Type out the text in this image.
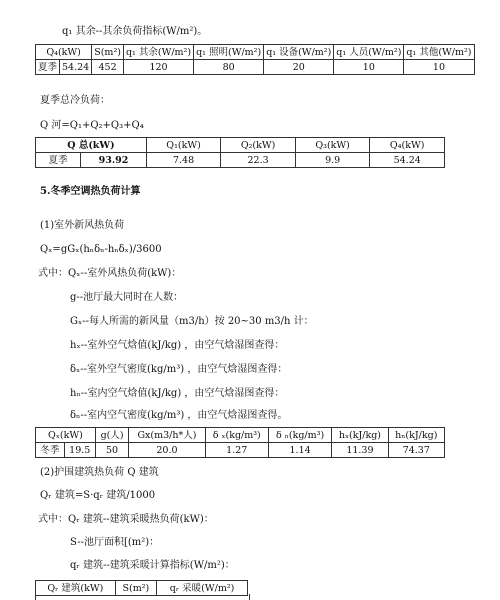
q₁ 其余--其余负荷指标(W/m²)。
Q₄(kW)		S(m²)	q₁ 其余(W/m²)	q₁ 照明(W/m²)	q₁ 设备(W/m²)	q₁ 人员(W/m²)	q₁ 其他(W/m²)
夏季	54.24	452	120	80	20	10	10
夏季总冷负荷：
Q 河=Q₁+Q₂+Q₃+Q₄
Q 总(kW)		Q₁(kW)	Q₂(kW)	Q₃(kW)	Q₄(kW)
夏季	93.92	7.48	22.3	9.9	54.24
5.冬季空调热负荷计算
(1)室外新风热负荷
Qₓ=gGₓ(hₙδₙ-hₙδₓ)/3600
式中：Qₓ--室外风热负荷(kW)：
g--池厅最大同时在人数：
Gₓ--每人所需的新风量（m3/h）按 20~30 m3/h 计：
hₓ--室外空气焓值(kJ/kg) ，由空气焓湿图查得：
δₓ--室外空气密度(kg/m³) ，由空气焓湿图查得：
hₙ--室内空气焓值(kJ/kg) ，由空气焓湿图查得：
δₙ--室内空气密度(kg/m³) ，由空气焓湿图查得。
Qₓ(kW)		g(人)	Gx(m3/h*人)	δ ₓ(kg/m³)	δ ₙ(kg/m³)	hₓ(kJ/kg)	hₙ(kJ/kg)
冬季	19.5	50	20.0	1.27	1.14	11.39	74.37
(2)护围建筑热负荷 Q 建筑
Qᵣ 建筑=S·qᵣ 建筑/1000
式中：Qᵣ 建筑--建筑采暖热负荷(kW)：
S--池厅面积[(m²)：
qᵣ 建筑--建筑采暖计算指标(W/m²)：
Qᵣ 建筑(kW)	S(m²)	qᵣ 采暖(W/m²)
